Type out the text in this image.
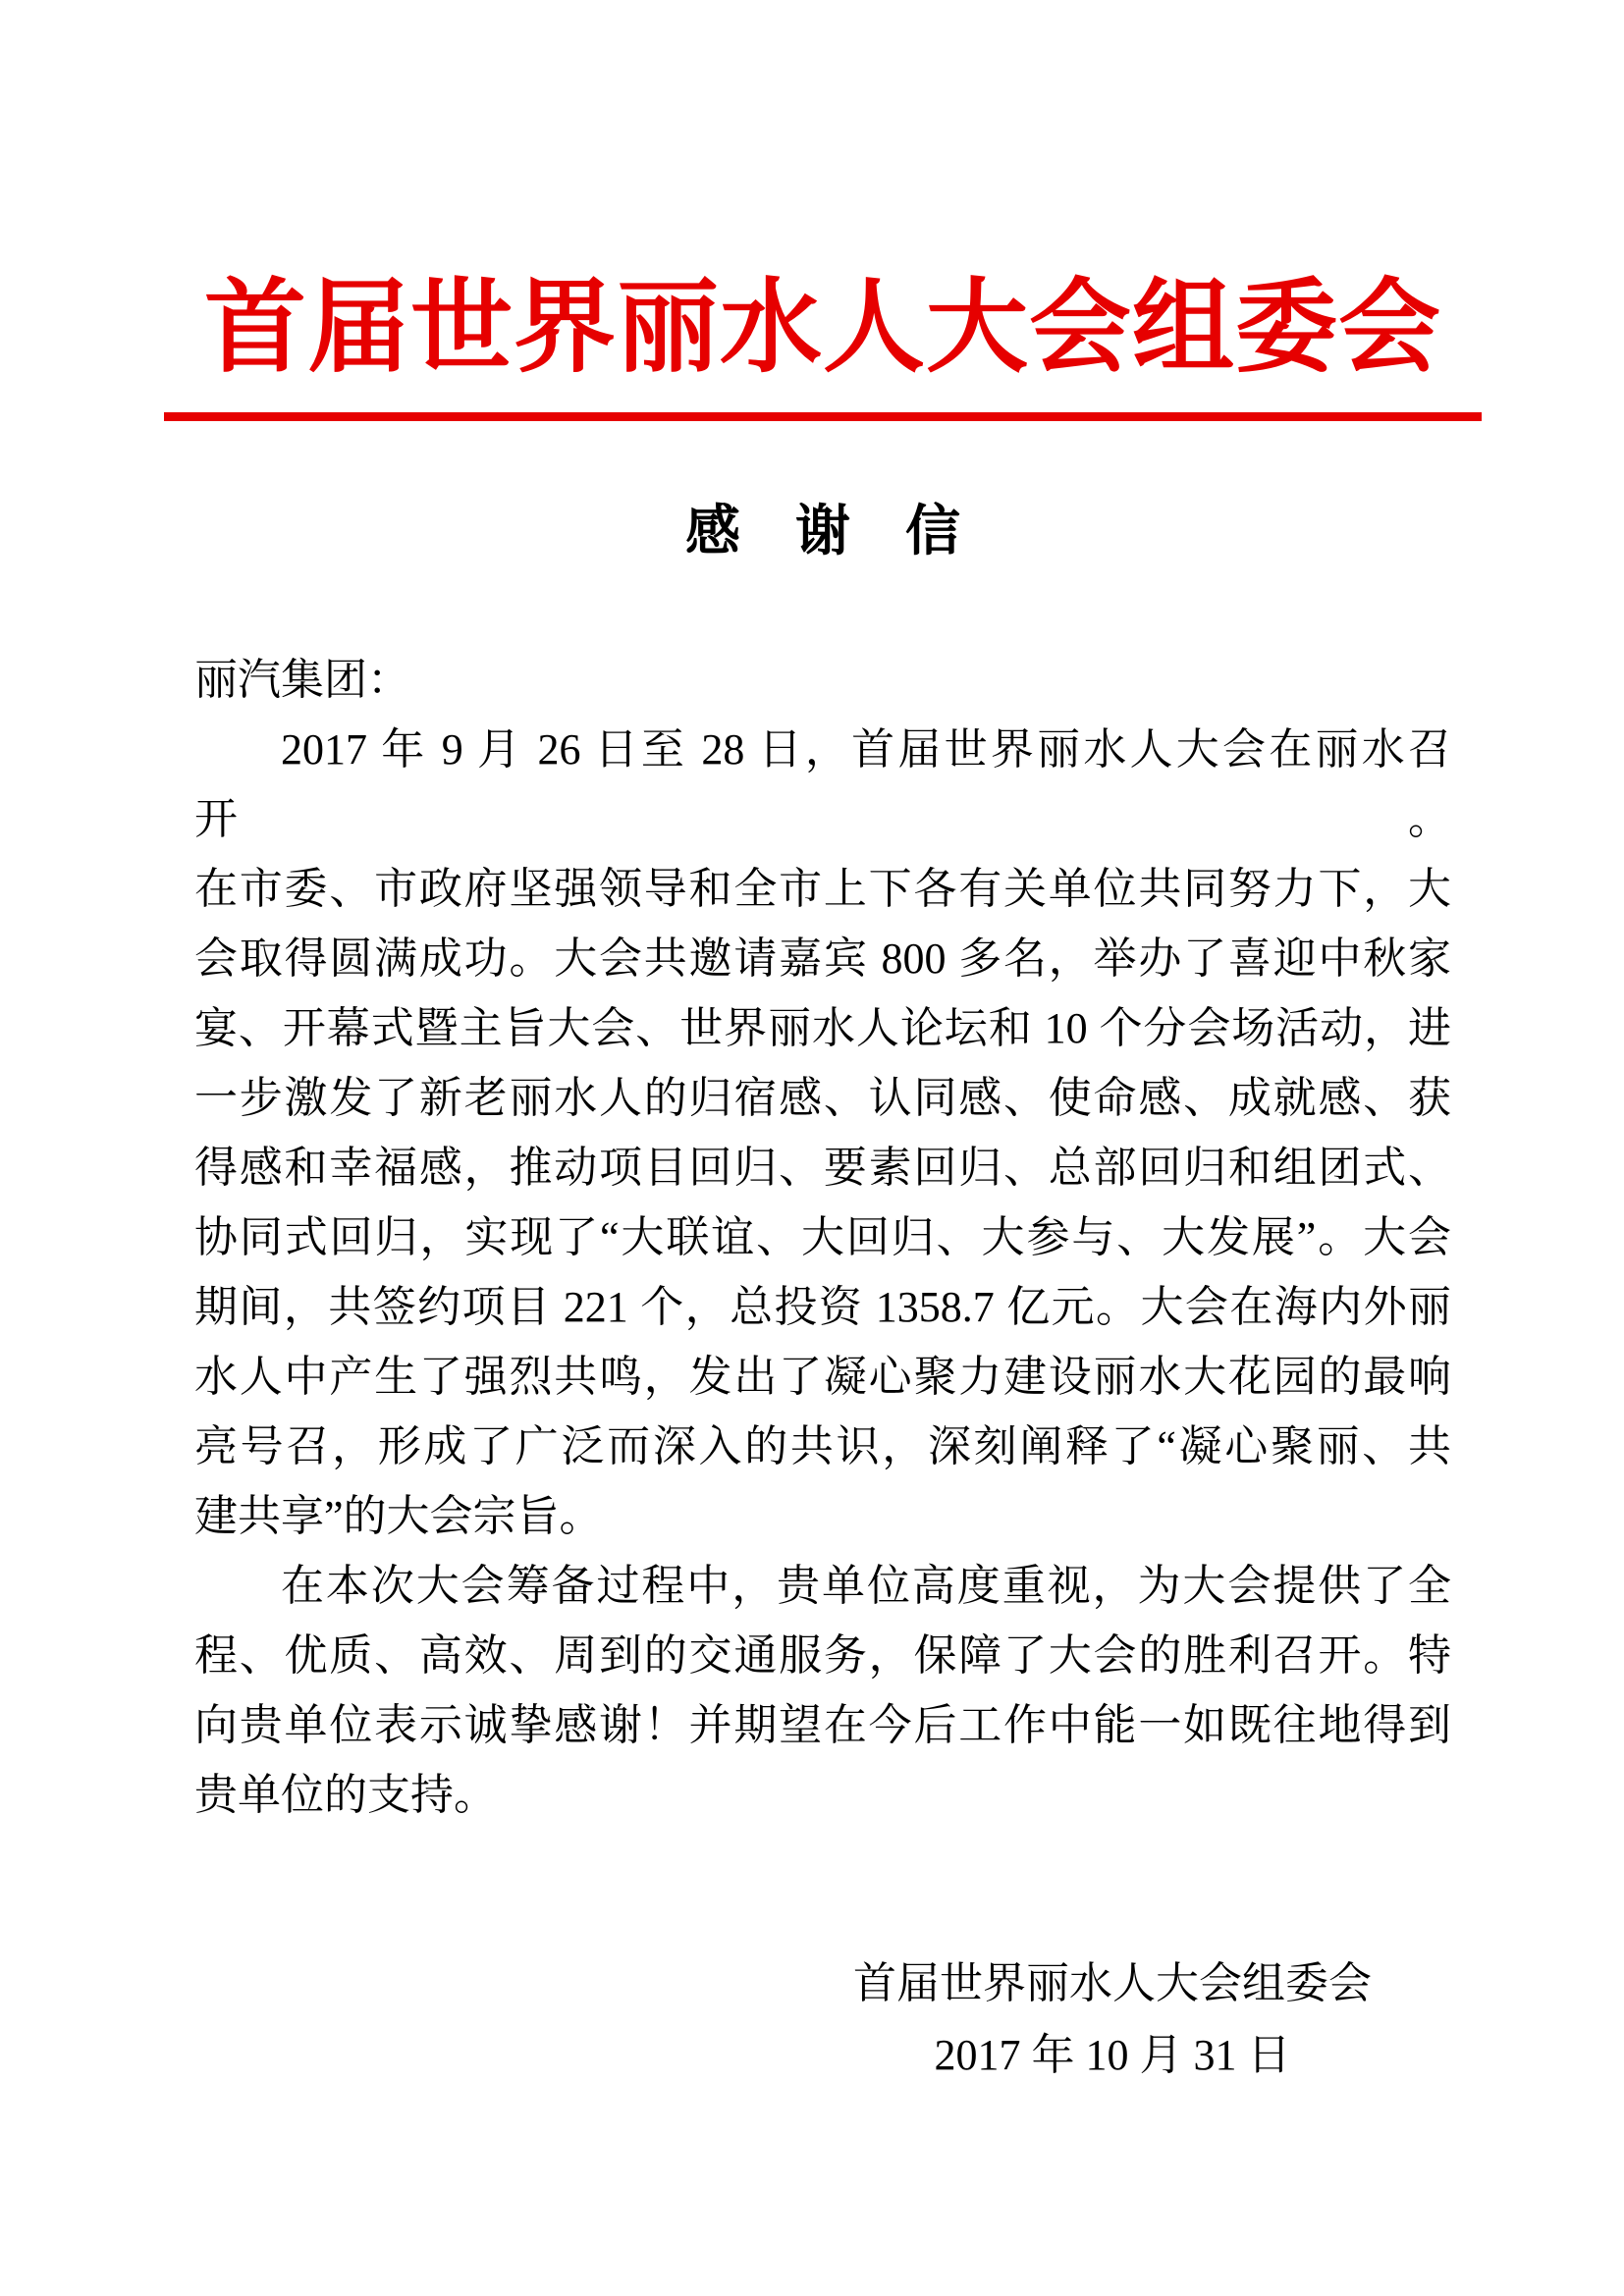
首届世界丽水人大会组委会
感　谢　信
丽汽集团：
2017 年 9 月 26 日至 28 日，首届世界丽水人大会在丽水召开。
在市委、市政府坚强领导和全市上下各有关单位共同努力下，大
会取得圆满成功。大会共邀请嘉宾 800 多名，举办了喜迎中秋家
宴、开幕式暨主旨大会、世界丽水人论坛和 10 个分会场活动，进
一步激发了新老丽水人的归宿感、认同感、使命感、成就感、获
得感和幸福感，推动项目回归、要素回归、总部回归和组团式、
协同式回归，实现了“大联谊、大回归、大参与、大发展”。大会
期间，共签约项目 221 个，总投资 1358.7 亿元。大会在海内外丽
水人中产生了强烈共鸣，发出了凝心聚力建设丽水大花园的最响
亮号召，形成了广泛而深入的共识，深刻阐释了“凝心聚丽、共
建共享”的大会宗旨。
在本次大会筹备过程中，贵单位高度重视，为大会提供了全
程、优质、高效、周到的交通服务，保障了大会的胜利召开。特
向贵单位表示诚挚感谢！并期望在今后工作中能一如既往地得到
贵单位的支持。
首届世界丽水人大会组委会
2017 年 10 月 31 日
